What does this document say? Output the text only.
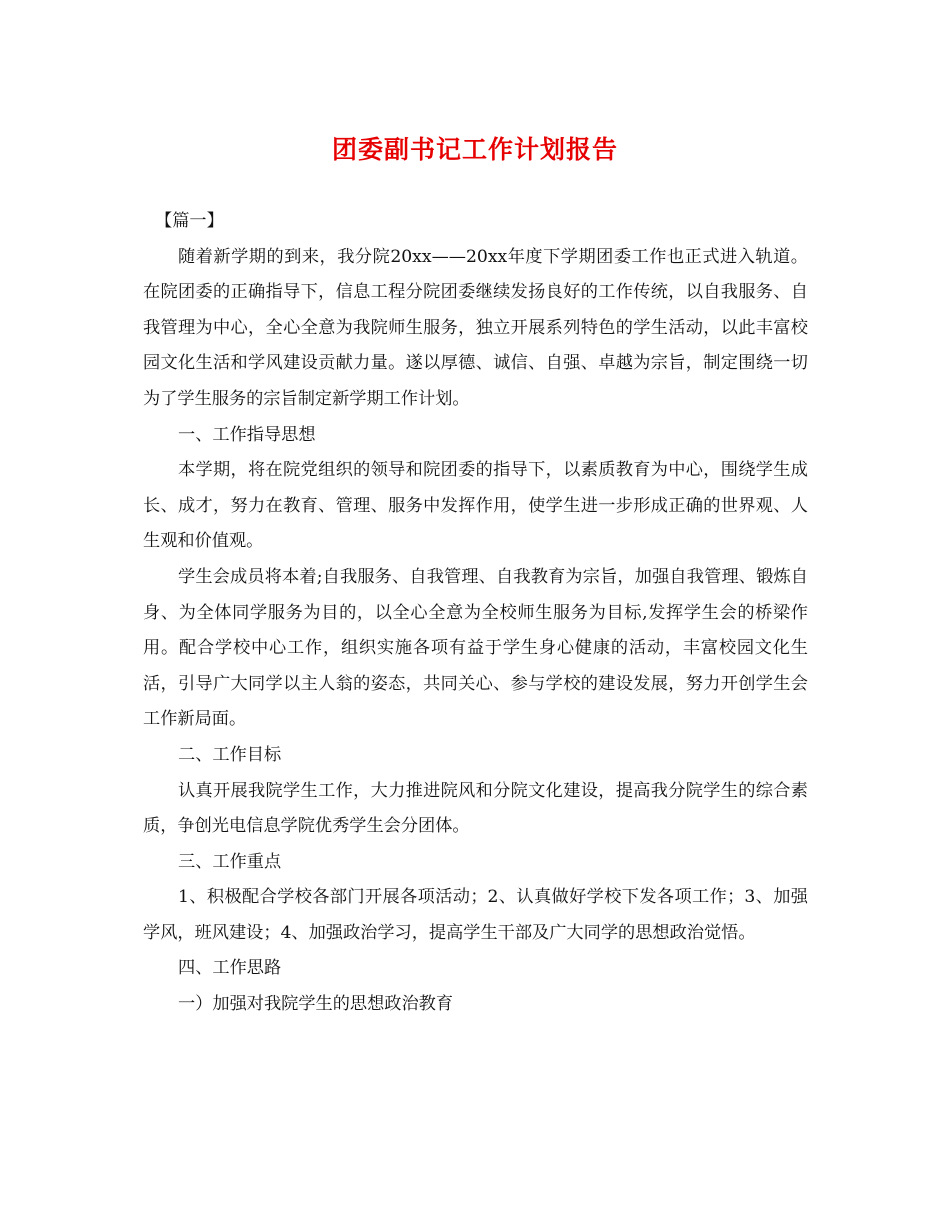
团委副书记工作计划报告

【篇一】

随着新学期的到来，我分院20xx——20xx年度下学期团委工作也正式进入轨道。在院团委的正确指导下，信息工程分院团委继续发扬良好的工作传统，以自我服务、自我管理为中心，全心全意为我院师生服务，独立开展系列特色的学生活动，以此丰富校园文化生活和学风建设贡献力量。遂以厚德、诚信、自强、卓越为宗旨，制定围绕一切为了学生服务的宗旨制定新学期工作计划。

一、工作指导思想

本学期，将在院党组织的领导和院团委的指导下，以素质教育为中心，围绕学生成长、成才，努力在教育、管理、服务中发挥作用，使学生进一步形成正确的世界观、人生观和价值观。

学生会成员将本着;自我服务、自我管理、自我教育为宗旨，加强自我管理、锻炼自身、为全体同学服务为目的，以全心全意为全校师生服务为目标,发挥学生会的桥梁作用。配合学校中心工作，组织实施各项有益于学生身心健康的活动，丰富校园文化生活，引导广大同学以主人翁的姿态，共同关心、参与学校的建设发展，努力开创学生会工作新局面。

二、工作目标

认真开展我院学生工作，大力推进院风和分院文化建设，提高我分院学生的综合素质，争创光电信息学院优秀学生会分团体。

三、工作重点

1、积极配合学校各部门开展各项活动；2、认真做好学校下发各项工作；3、加强学风，班风建设；4、加强政治学习，提高学生干部及广大同学的思想政治觉悟。

四、工作思路

一）加强对我院学生的思想政治教育
